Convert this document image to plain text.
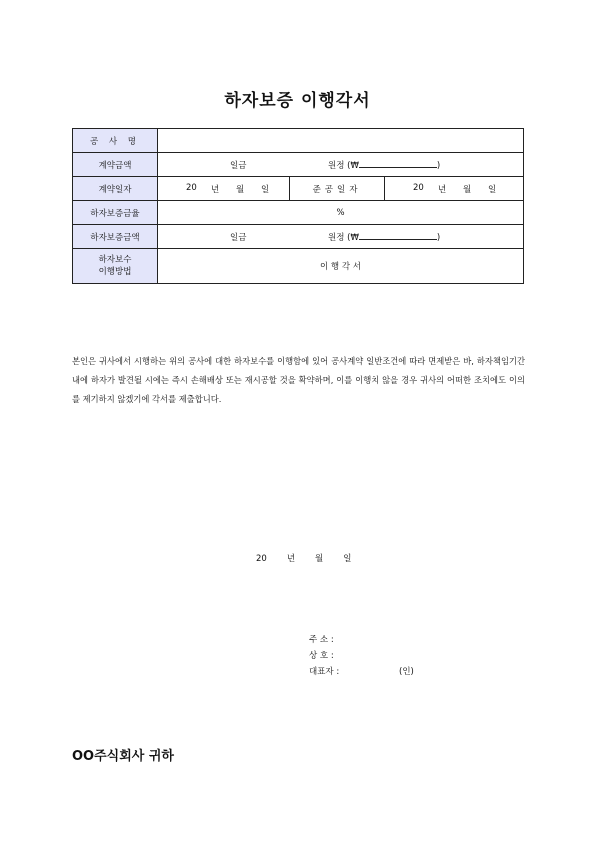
하자보증 이행각서
공 사 명			
계약금액	일금 원정 (₩ )		

계약일자	20 년 월 일	준공일자	20 년 월 일

하자보증금율	%		
하자보증금액	일금 원정 (₩ )		

하자보수
이행방법	이 행 각 서		
본인은 귀사에서 시행하는 위의 공사에 대한 하자보수를 이행함에 있어 공사계약 일반조건에 따라 면제받은 바, 하자책임기간 내에 하자가 발견될 시에는 즉시 손해배상 또는 재시공할 것을 확약하며, 이를 이행치 않을 경우 귀사의 어떠한 조치에도 이의를 제기하지 않겠기에 각서를 제출합니다.
20 년 월 일
주 소 :
상 호 :
대표자 :	(인)
OO주식회사 귀하
